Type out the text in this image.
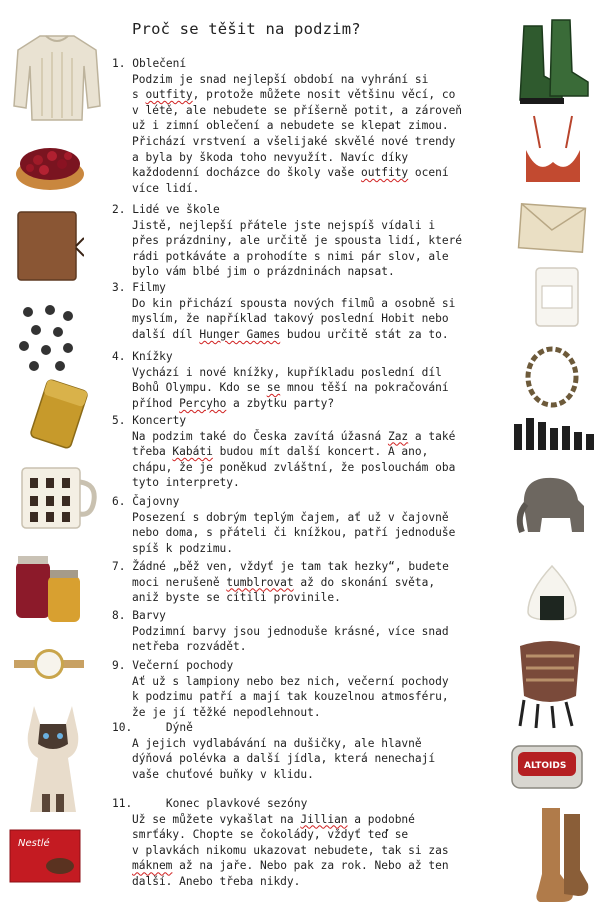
Proč se těšit na podzim?
1. Oblečení
Podzim je snad nejlepší období na vyhrání si
s outfity, protože můžete nosit většinu věcí, co
v létě, ale nebudete se příšerně potit, a zároveň
už i zimní oblečení a nebudete se klepat zimou.
Přichází vrstvení a všelijaké skvělé nové trendy
a byla by škoda toho nevyužít. Navíc díky
každodenní docházce do školy vaše outfity ocení
více lidí.
2. Lidé ve škole
Jistě, nejlepší přátele jste nejspíš vídali i
přes prázdniny, ale určitě je spousta lidí, které
rádi potkáváte a prohodíte s nimi pár slov, ale
bylo vám blbé jim o prázdninách napsat.
3. Filmy
Do kin přichází spousta nových filmů a osobně si
myslím, že například takový poslední Hobit nebo
další díl Hunger Games budou určitě stát za to.
4. Knížky
Vychází i nové knížky, kupříkladu poslední díl
Bohů Olympu. Kdo se se mnou těší na pokračování
příhod Percyho a zbytku party?
5. Koncerty
Na podzim také do Česka zavítá úžasná Zaz a také
třeba Kabáti budou mít další koncert. A ano,
chápu, že je poněkud zvláštní, že poslouchám oba
tyto interprety.
6. Čajovny
Posezení s dobrým teplým čajem, ať už v čajovně
nebo doma, s přáteli či knížkou, patří jednoduše
spíš k podzimu.
7. Žádné „běž ven, vždyť je tam tak hezky“, budete
moci nerušeně tumblrovat až do skonání světa,
aniž byste se cítili provinile.
8. Barvy
Podzimní barvy jsou jednoduše krásné, více snad
netřeba rozvádět.
9. Večerní pochody
Ať už s lampiony nebo bez nich, večerní pochody
k podzimu patří a mají tak kouzelnou atmosféru,
že je jí těžké nepodlehnout.
10.	Dýně
A jejich vydlabávání na dušičky, ale hlavně
dýňová polévka a další jídla, která nenechají
vaše chuťové buňky v klidu.
11.	Konec plavkové sezóny
Už se můžete vykašlat na Jillian a podobné
smrťáky. Chopte se čokolády, vždyť teď se
v plavkách nikomu ukazovat nebudete, tak si zas
máknem až na jaře. Nebo pak za rok. Nebo až ten
další. Anebo třeba nikdy.
Nestlé
ALTOIDS
